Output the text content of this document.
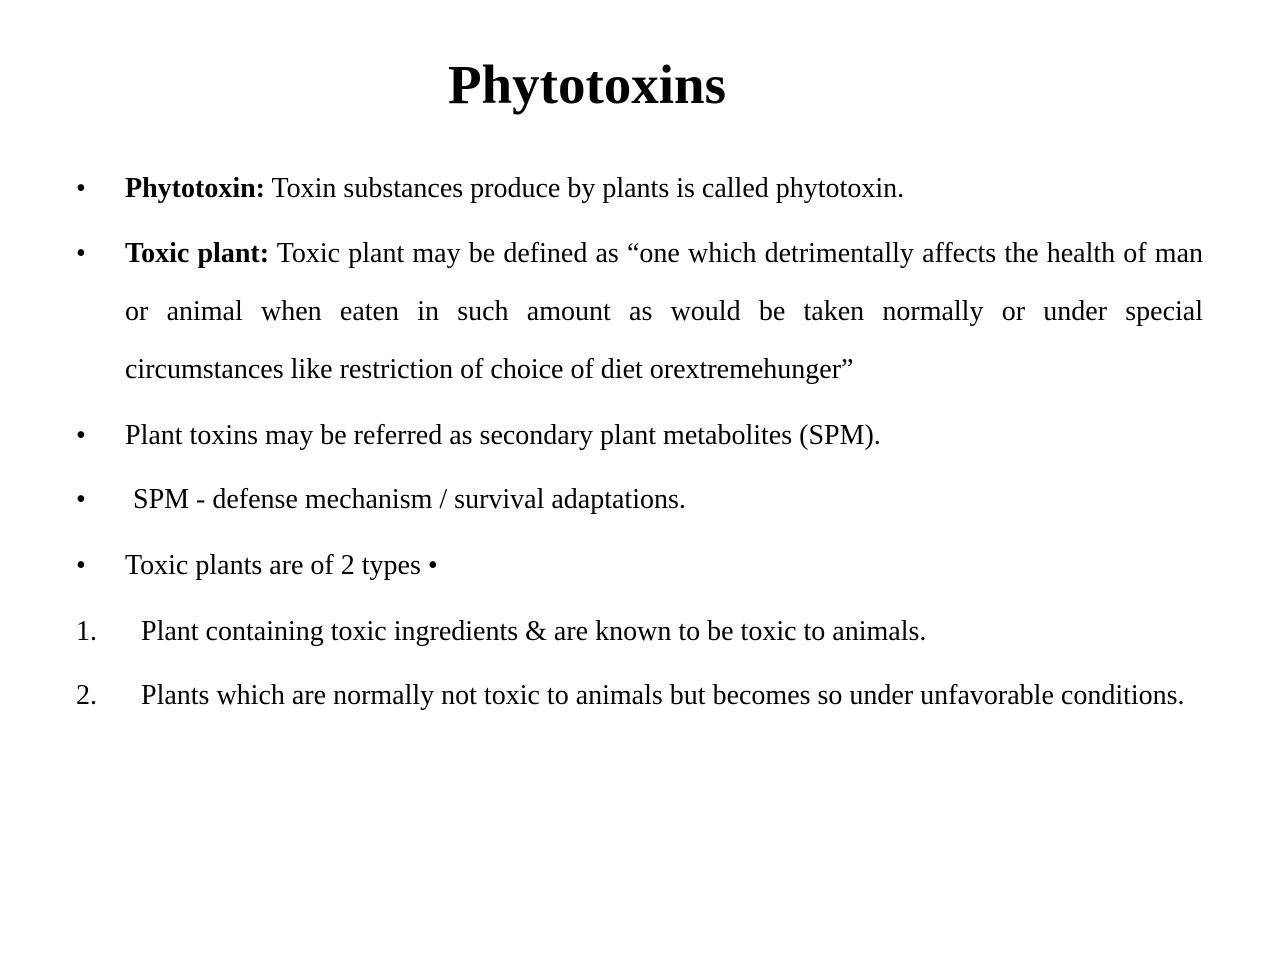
Phytotoxins
• Phytotoxin: Toxin substances produce by plants is called phytotoxin.
• Toxic plant: Toxic plant may be defined as “one which detrimentally affects the health of man or animal when eaten in such amount as would be taken normally or under special circumstances like restriction of choice of diet orextremehunger”
• Plant toxins may be referred as secondary plant metabolites (SPM).
• SPM - defense mechanism / survival adaptations.
• Toxic plants are of 2 types •
1. Plant containing toxic ingredients & are known to be toxic to animals.
2. Plants which are normally not toxic to animals but becomes so under unfavorable conditions.
